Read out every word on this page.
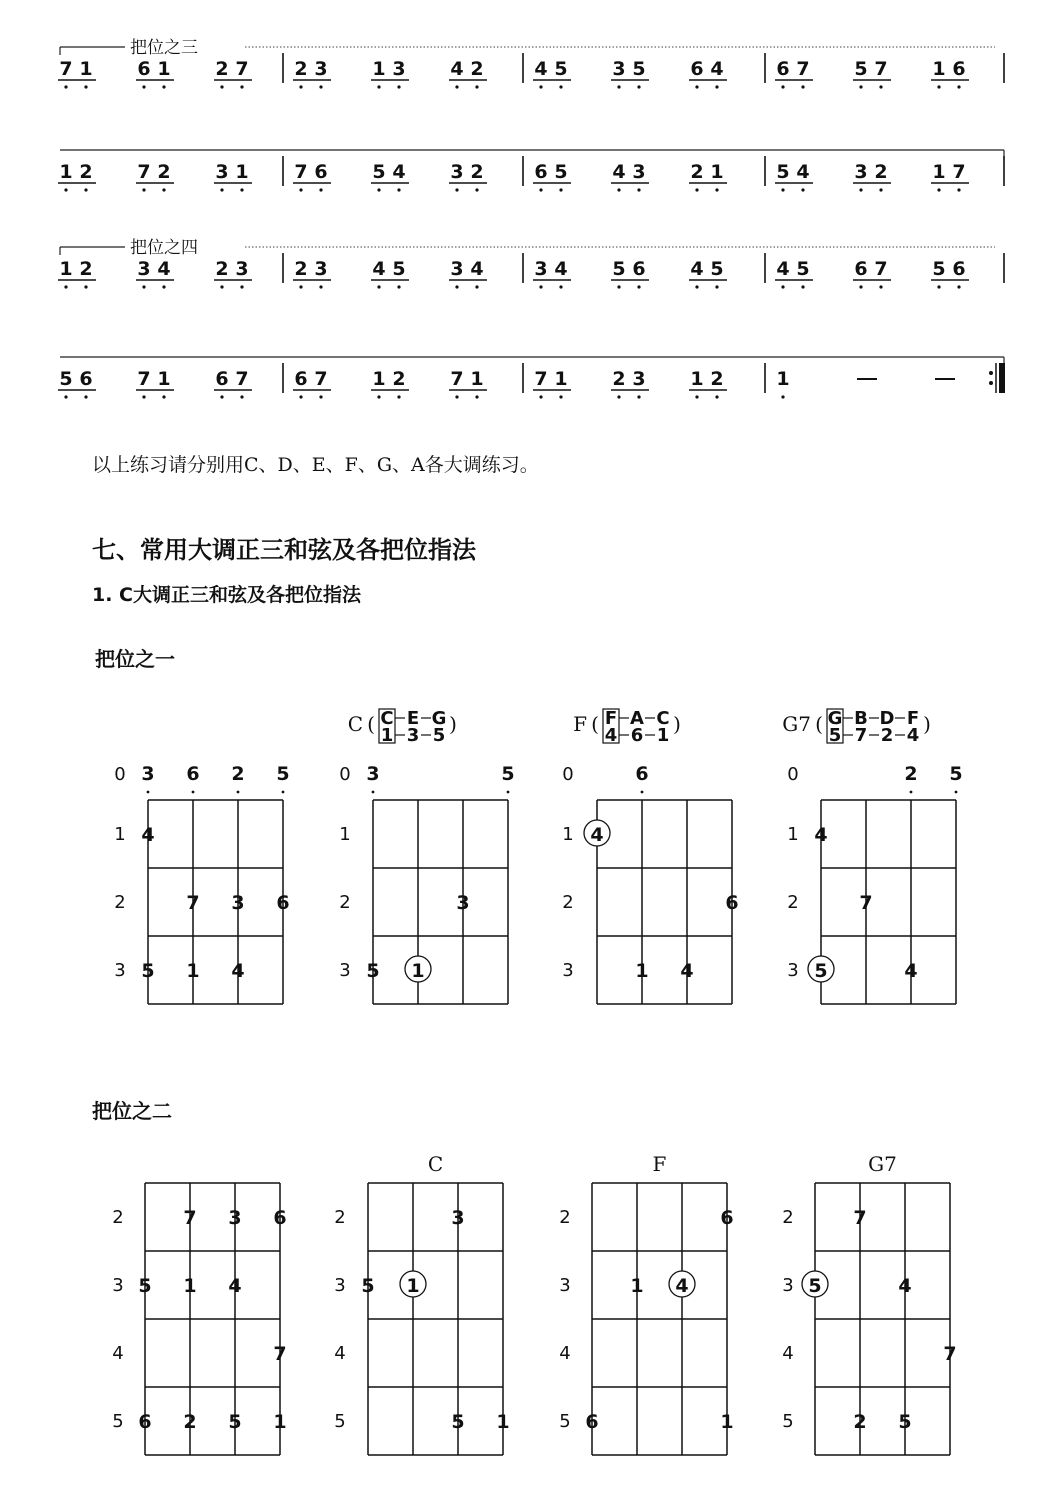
把位之三
7 1 6 1 2 7 2 3 1 3 4 2	4 5 3 5 6 4	6 7 5 7 1 6
1 2 7 2 3 1 7 6 5 4 3 2	6 5 4 3 2 1	5 4 3 2 1 7
把位之四
1 2 3 4 2 3 2 3 4 5 3 4	3 4 5 6 4 5	4 5 6 7 5 6
5 6 7 1 6 7 6 7 1 2 7 1	7 1 2 3 1 2	1
以上练习请分别用C、D、E、F、G、A各大调练习。
七、常用大调正三和弦及各把位指法
1. C大调正三和弦及各把位指法
把位之一
把位之二
0
1
2
3
3 6 2 5
4
7 3 6
5 1 4
0
1
2
3
3	5
3
5 1
C ( C
1
E
3
G
5 )
0
1
2
3
6
4
6
1 4
F ( F
4
A
6
C
1 )
0
1
2
3
2 5
4
7
5	4
G7 ( G
5
B
7
D
2
F
4 )
2
3
4
5
7 3 6
5 1 4
7
6 2 5 1
2
3
4
5
3
5 1
5 1
C
2
3
4
5
6
1 4
6	1
F
2
3
4
5
7
5	4
7
2 5
G7
